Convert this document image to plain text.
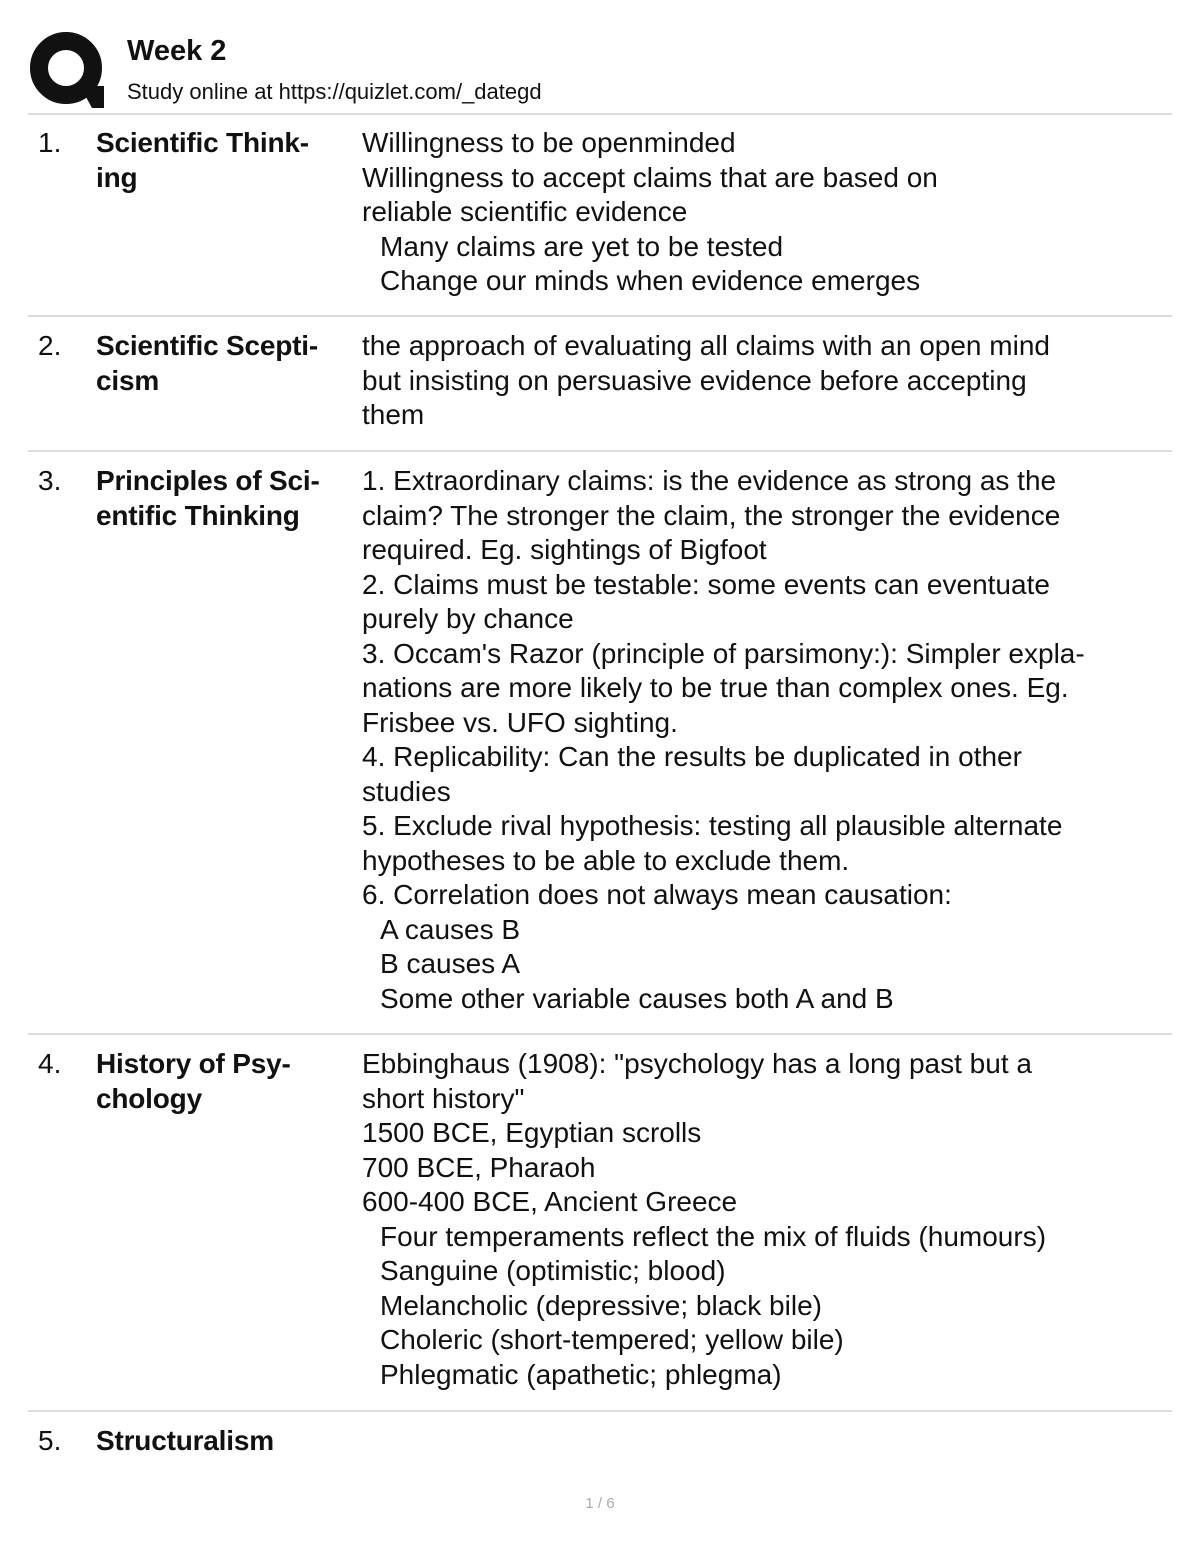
Week 2
Study online at https://quizlet.com/_dategd
1. Scientific Think-
ing
Willingness to be openminded
Willingness to accept claims that are based on
reliable scientific evidence
Many claims are yet to be tested
Change our minds when evidence emerges
2. Scientific Scepti-
cism
the approach of evaluating all claims with an open mind
but insisting on persuasive evidence before accepting
them
3. Principles of Sci-
entific Thinking
1. Extraordinary claims: is the evidence as strong as the
claim? The stronger the claim, the stronger the evidence
required. Eg. sightings of Bigfoot
2. Claims must be testable: some events can eventuate
purely by chance
3. Occam's Razor (principle of parsimony:): Simpler expla-
nations are more likely to be true than complex ones. Eg.
Frisbee vs. UFO sighting.
4. Replicability: Can the results be duplicated in other
studies
5. Exclude rival hypothesis: testing all plausible alternate
hypotheses to be able to exclude them.
6. Correlation does not always mean causation:
A causes B
B causes A
Some other variable causes both A and B
4. History of Psy-
chology
Ebbinghaus (1908): "psychology has a long past but a
short history"
1500 BCE, Egyptian scrolls
700 BCE, Pharaoh
600-400 BCE, Ancient Greece
Four temperaments reflect the mix of fluids (humours)
Sanguine (optimistic; blood)
Melancholic (depressive; black bile)
Choleric (short-tempered; yellow bile)
Phlegmatic (apathetic; phlegma)
5. Structuralism
1 / 6
